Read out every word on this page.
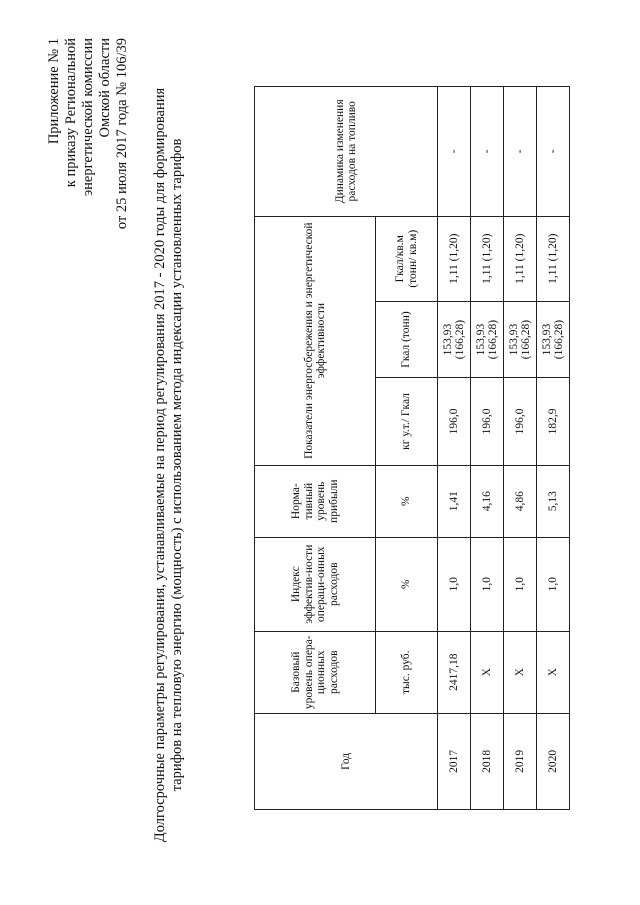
Приложение № 1 к приказу Региональной энергетической комиссии Омской области от 25 июля 2017 года № 106/39 Долгосрочные параметры регулирования, устанавливаемые на период регулирования 2017 - 2020 годы для формирования тарифов на тепловую энергию (мощность) с использованием метода индексации установленных тарифов	Год	Базовый уровень опера-ционных расходов	Индекс эффектив-ности операци-онных расходов	Норма-тивный уровень прибыли	Показатели энергосбережения и энергетической эффективности			Динамика изменения расходов на топливо
	тыс. руб.	%	%	кг у.т./ Гкал	Гкал (тонн)	Гкал/кв.м (тонн/ кв.м)	
2017	2417,18	1,0	1,41	196,0	153,93 (166,28)	1,11 (1,20)	-
2018	Х	1,0	4,16	196,0	153,93 (166,28)	1,11 (1,20)	-
2019	Х	1,0	4,86	196,0	153,93 (166,28)	1,11 (1,20)	-
2020	Х	1,0	5,13	182,9	153,93 (166,28)	1,11 (1,20)	-
